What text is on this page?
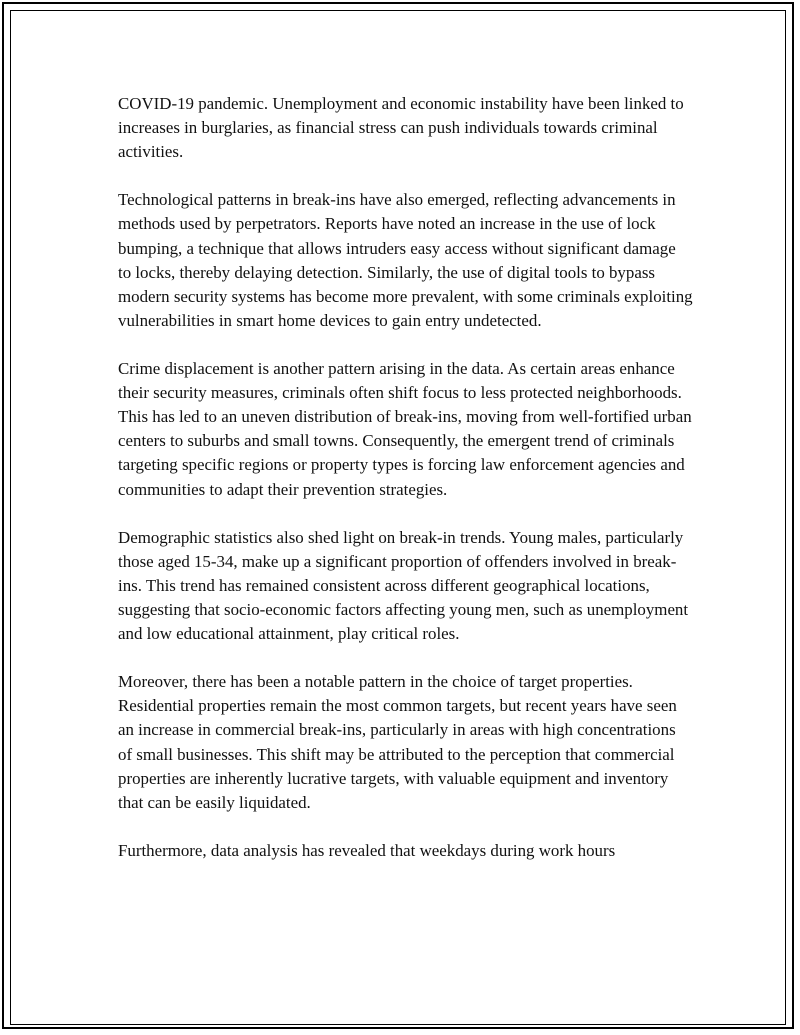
COVID-19 pandemic. Unemployment and economic instability have been linked to increases in burglaries, as financial stress can push individuals towards criminal activities.

Technological patterns in break-ins have also emerged, reflecting advancements in methods used by perpetrators. Reports have noted an increase in the use of lock bumping, a technique that allows intruders easy access without significant damage to locks, thereby delaying detection. Similarly, the use of digital tools to bypass modern security systems has become more prevalent, with some criminals exploiting vulnerabilities in smart home devices to gain entry undetected.

Crime displacement is another pattern arising in the data. As certain areas enhance their security measures, criminals often shift focus to less protected neighborhoods. This has led to an uneven distribution of break-ins, moving from well-fortified urban centers to suburbs and small towns. Consequently, the emergent trend of criminals targeting specific regions or property types is forcing law enforcement agencies and communities to adapt their prevention strategies.

Demographic statistics also shed light on break-in trends. Young males, particularly those aged 15-34, make up a significant proportion of offenders involved in break-ins. This trend has remained consistent across different geographical locations, suggesting that socio-economic factors affecting young men, such as unemployment and low educational attainment, play critical roles.

Moreover, there has been a notable pattern in the choice of target properties. Residential properties remain the most common targets, but recent years have seen an increase in commercial break-ins, particularly in areas with high concentrations of small businesses. This shift may be attributed to the perception that commercial properties are inherently lucrative targets, with valuable equipment and inventory that can be easily liquidated.

Furthermore, data analysis has revealed that weekdays during work hours
